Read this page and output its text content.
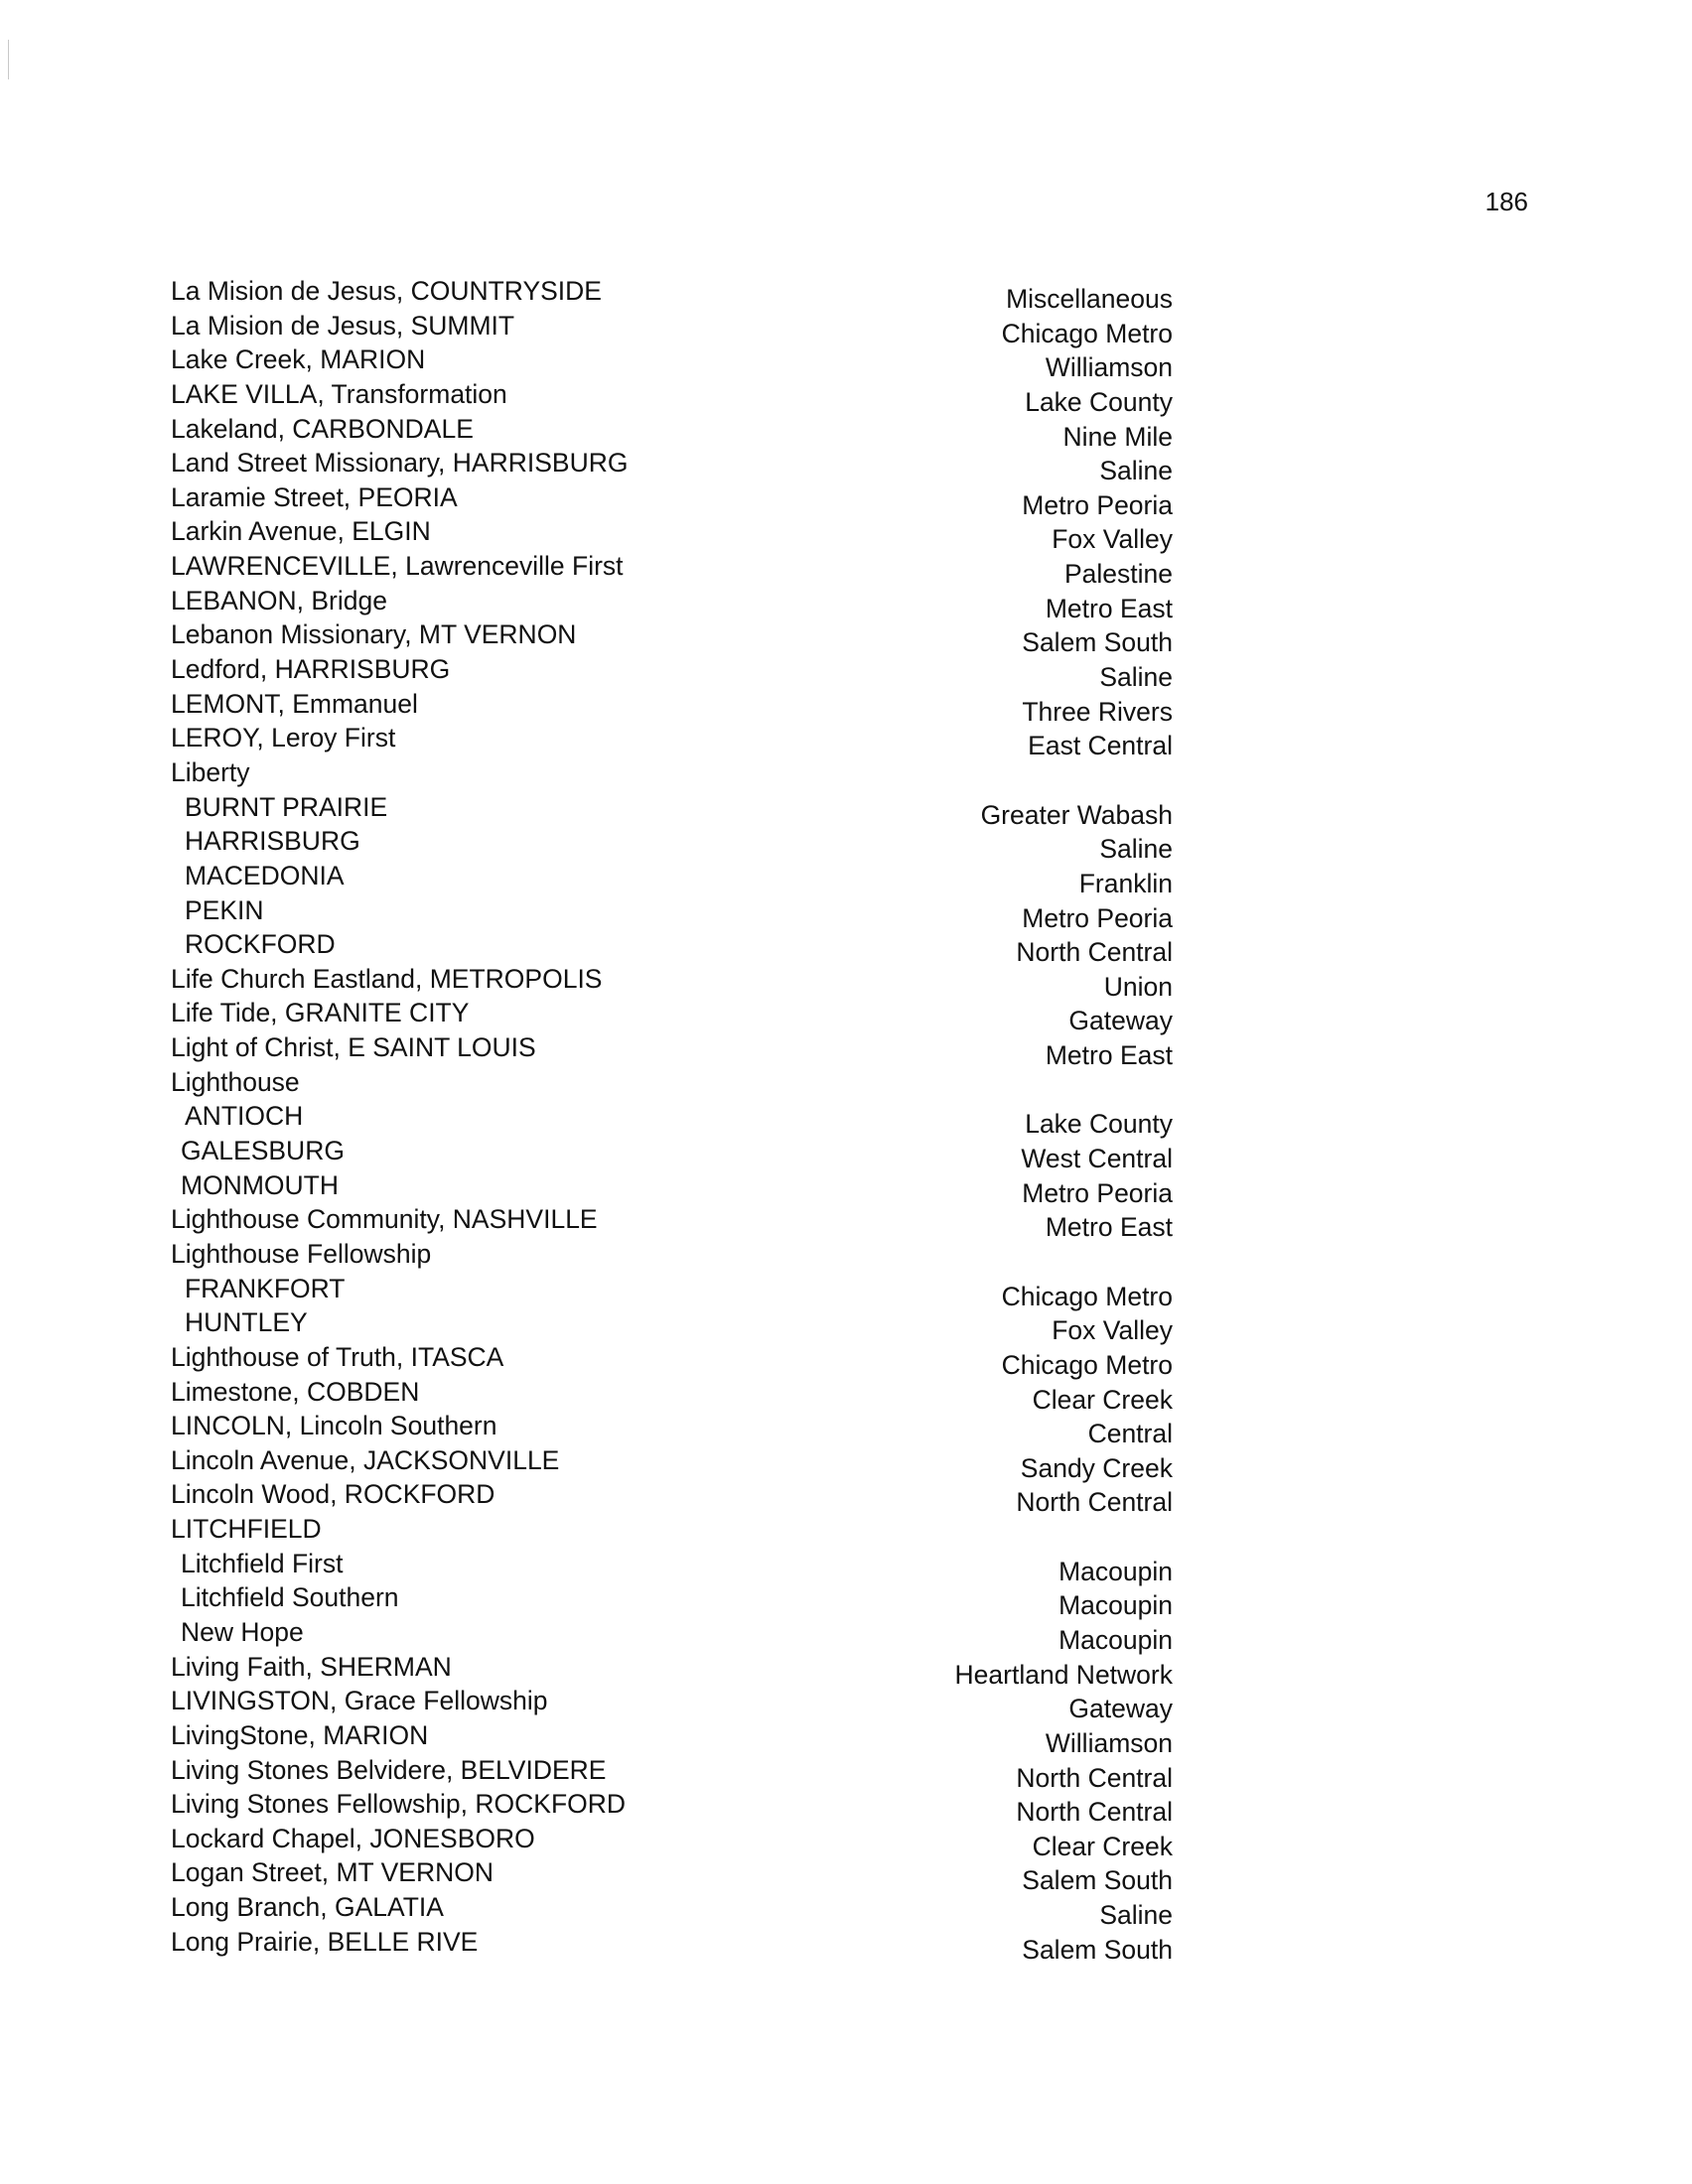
186
La Mision de Jesus, COUNTRYSIDE
La Mision de Jesus, SUMMIT
Lake Creek, MARION
LAKE VILLA, Transformation
Lakeland, CARBONDALE
Land Street Missionary, HARRISBURG
Laramie Street, PEORIA
Larkin Avenue, ELGIN
LAWRENCEVILLE, Lawrenceville First
LEBANON, Bridge
Lebanon Missionary, MT VERNON
Ledford, HARRISBURG
LEMONT, Emmanuel
LEROY, Leroy First
Liberty
BURNT PRAIRIE
HARRISBURG
MACEDONIA
PEKIN
ROCKFORD
Life Church Eastland, METROPOLIS
Life Tide, GRANITE CITY
Light of Christ, E SAINT LOUIS
Lighthouse
ANTIOCH
GALESBURG
MONMOUTH
Lighthouse Community, NASHVILLE
Lighthouse Fellowship
FRANKFORT
HUNTLEY
Lighthouse of Truth, ITASCA
Limestone, COBDEN
LINCOLN, Lincoln Southern
Lincoln Avenue, JACKSONVILLE
Lincoln Wood, ROCKFORD
LITCHFIELD
Litchfield First
Litchfield Southern
New Hope
Living Faith, SHERMAN
LIVINGSTON, Grace Fellowship
LivingStone, MARION
Living Stones Belvidere, BELVIDERE
Living Stones Fellowship, ROCKFORD
Lockard Chapel, JONESBORO
Logan Street, MT VERNON
Long Branch, GALATIA
Long Prairie, BELLE RIVE
Miscellaneous
Chicago Metro
Williamson
Lake County
Nine Mile
Saline
Metro Peoria
Fox Valley
Palestine
Metro East
Salem South
Saline
Three Rivers
East Central
Greater Wabash
Saline
Franklin
Metro Peoria
North Central
Union
Gateway
Metro East
Lake County
West Central
Metro Peoria
Metro East
Chicago Metro
Fox Valley
Chicago Metro
Clear Creek
Central
Sandy Creek
North Central
Macoupin
Macoupin
Macoupin
Heartland Network
Gateway
Williamson
North Central
North Central
Clear Creek
Salem South
Saline
Salem South
